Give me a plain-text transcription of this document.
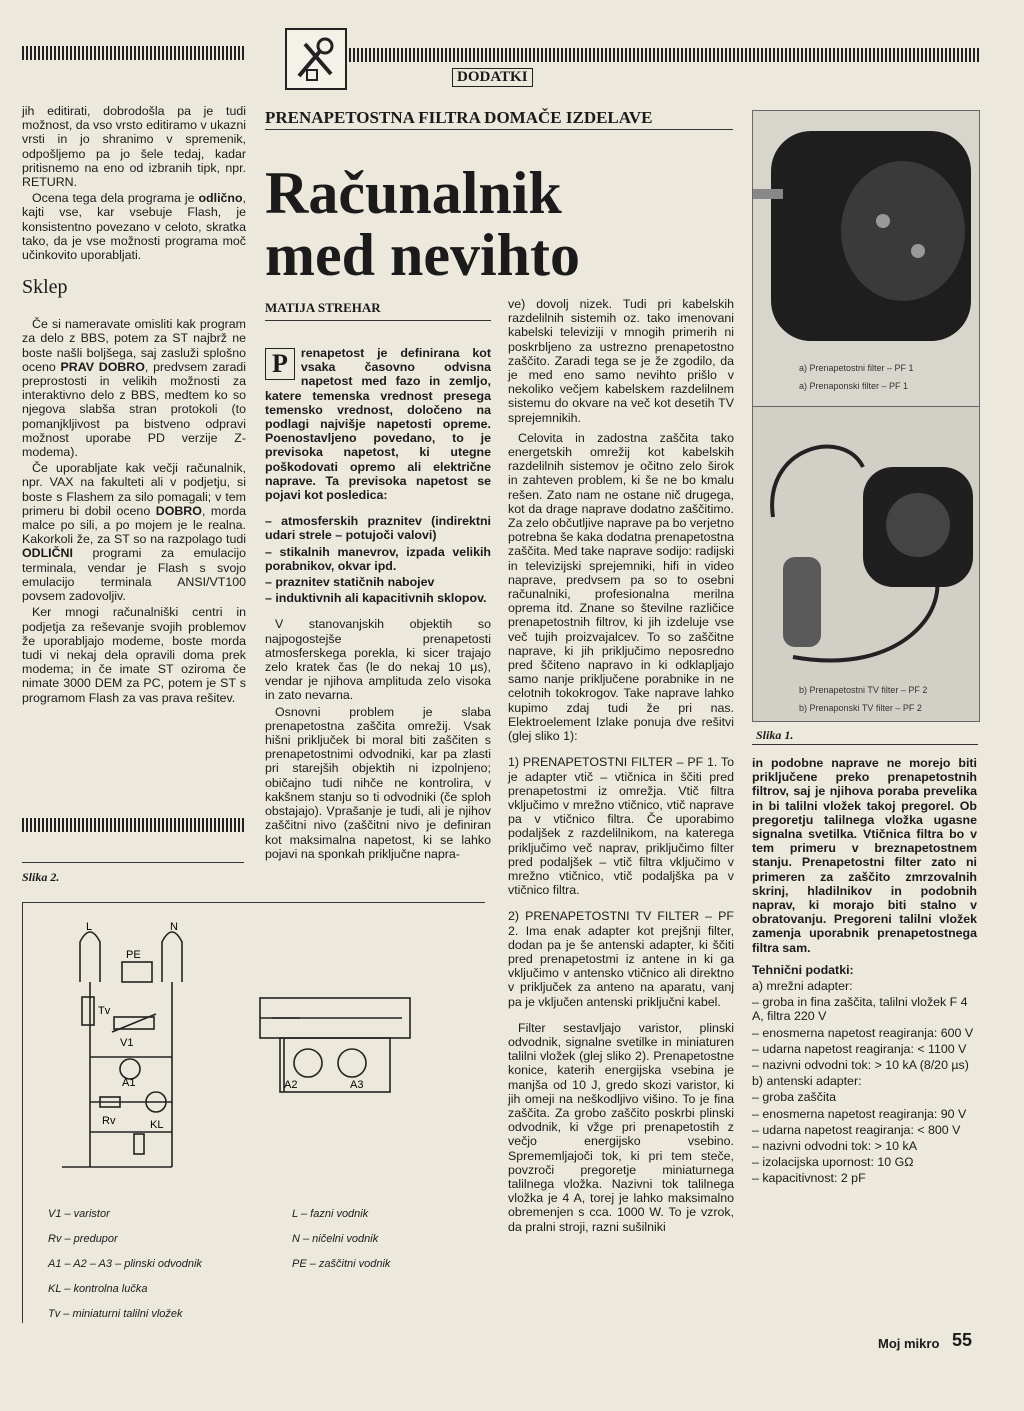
DODATKI
PRENAPETOSTNA FILTRA DOMAČE IZDELAVE
Računalnik
med nevihto
MATIJA STREHAR

jih editirati, dobrodošla pa je tudi možnost, da vso vrsto editiramo v ukazni vrsti in jo shranimo v spremenik, odpošljemo pa jo šele tedaj, kadar pritisnemo na eno od izbranih tipk, npr. RETURN.

Ocena tega dela programa je odlično, kajti vse, kar vsebuje Flash, je konsistentno povezano v celoto, skratka tako, da je vse možnosti programa moč učinkovito uporabljati.

Sklep

Če si nameravate omisliti kak program za delo z BBS, potem za ST najbrž ne boste našli boljšega, saj zasluži splošno oceno PRAV DOBRO, predvsem zaradi preprostosti in velikih možnosti za interaktivno delo z BBS, medtem ko so njegova slabša stran protokoli (to pomanjkljivost pa bistveno odpravi možnost uporabe PD verzije Z- modema).

Če uporabljate kak večji računalnik, npr. VAX na fakulteti ali v podjetju, si boste s Flashem za silo pomagali; v tem primeru bi dobil oceno DOBRO, morda malce po sili, a po mojem je le realna. Kakorkoli že, za ST so na razpolago tudi ODLIČNI programi za emulacijo terminala, vendar je Flash s svojo emulacijo terminala ANSI/VT100 povsem zadovoljiv.

Ker mnogi računalniški centri in podjetja za reševanje svojih problemov že uporabljajo modeme, boste morda tudi vi nekaj dela opravili doma prek modema; in če imate ST oziroma če nimate 3000 DEM za PC, potem je ST s programom Flash za vas prava rešitev.

P	renapetost je definirana kot vsaka časovno odvisna napetost med fazo in zemljo, katere temenska vrednost presega temensko vrednost, določeno na podlagi najvišje napetosti opreme. Poenostavljeno povedano, to je previsoka napetost, ki utegne poškodovati opremo ali električne naprave. Ta previsoka napetost se pojavi kot posledica:

– atmosferskih praznitev (indirektni udari strele – potujoči valovi)

– stikalnih manevrov, izpada velikih porabnikov, okvar ipd.

– praznitev statičnih nabojev

– induktivnih ali kapacitivnih sklopov.

V stanovanjskih objektih so najpogostejše prenapetosti atmosferskega porekla, ki sicer trajajo zelo kratek čas (le do nekaj 10 µs), vendar je njihova amplituda zelo visoka in zato nevarna.

Osnovni problem je slaba prenapetostna zaščita omrežij. Vsak hišni priključek bi moral biti zaščiten s prenapetostnimi odvodniki, kar pa zlasti pri starejših objektih ni izpolnjeno; običajno tudi nihče ne kontrolira, v kakšnem stanju so ti odvodniki (če sploh obstajajo). Vprašanje je tudi, ali je njihov zaščitni nivo (zaščitni nivo je definiran kot maksimalna napetost, ki se lahko pojavi na sponkah priključne napra-

ve) dovolj nizek. Tudi pri kabelskih razdelilnih sistemih oz. tako imenovani kabelski televiziji v mnogih primerih ni poskrbljeno za ustrezno prenapetostno zaščito. Zaradi tega se je že zgodilo, da je med eno samo nevihto prišlo v nekoliko večjem kabelskem razdelilnem sistemu do okvare na več kot desetih TV sprejemnikih.

Celovita in zadostna zaščita tako energetskih omrežij kot kabelskih razdelilnih sistemov je očitno zelo širok in zahteven problem, ki še ne bo kmalu rešen. Zato nam ne ostane nič drugega, kot da drage naprave dodatno zaščitimo. Za zelo občutljive naprave pa bo verjetno potrebna še kaka dodatna prenapetostna zaščita. Med take naprave sodijo: radijski in televizijski sprejemniki, hifi in video naprave, predvsem pa so to osebni računalniki, profesionalna merilna oprema itd. Znane so številne različice prenapetostnih filtrov, ki jih izdeluje vse več tujih proizvajalcev. To so zaščitne naprave, ki jih priključimo neposredno pred ščiteno napravo in ki odklapljajo samo nanje priključene porabnike in ne celotnih tokokrogov. Take naprave lahko kupimo zdaj tudi že pri nas. Elektroelement Izlake ponuja dve rešitvi (glej sliko 1):

1) PRENAPETOSTNI FILTER – PF 1. To je adapter vtič – vtičnica in ščiti pred prenapetostmi iz omrežja. Vtič filtra vključimo v mrežno vtičnico, vtič naprave pa v vtičnico filtra. Če uporabimo podaljšek z razdelilnikom, na katerega priključimo več naprav, priključimo filter pred podaljšek – vtič filtra vključimo v mrežno vtičnico, vtič podaljška pa v vtičnico filtra.

2) PRENAPETOSTNI TV FILTER – PF 2. Ima enak adapter kot prejšnji filter, dodan pa je še antenski adapter, ki ščiti pred prenapetostmi iz antene in ki ga vključimo v antensko vtičnico ali direktno v priključek za anteno na aparatu, vanj pa je vključen antenski priključni kabel.

Filter sestavljajo varistor, plinski odvodnik, signalne svetilke in miniaturen talilni vložek (glej sliko 2). Prenapetostne konice, katerih energijska vsebina je manjša od 10 J, gredo skozi varistor, ki jih omeji na neškodljivo višino. To je fina zaščita. Za grobo zaščito poskrbi plinski odvodnik, ki vžge pri prenapetostih z večjo energijsko vsebino. Sprememljajoči tok, ki pri tem steče, povzroči pregoretje miniaturnega talilnega vložka. Nazivni tok talilnega vložka je 4 A, torej je lahko maksimalno obremenjen s cca. 1000 W. To je vzrok, da pralni stroji, razni sušilniki

a) Prenapetostni filter – PF 1
a) Prenaponski filter – PF 1
b) Prenapetostni TV filter – PF 2
b) Prenaponski TV filter – PF 2
Slika 1.

in podobne naprave ne morejo biti priključene preko prenapetostnih filtrov, saj je njihova poraba prevelika in bi talilni vložek takoj pregorel. Ob pregoretju talilnega vložka ugasne signalna svetilka. Vtičnica filtra bo v tem primeru v breznapetostnem stanju. Prenapetostni filter zato ni primeren za zaščito zmrzovalnih skrinj, hladilnikov in podobnih naprav, ki morajo biti stalno v obratovanju. Pregoreni talilni vložek zamenja uporabnik prenapetostnega filtra sam.

Tehnični podatki:

a) mrežni adapter:

– groba in fina zaščita, talilni vložek F 4 A, filtra 220 V

– enosmerna napetost reagiranja: 600 V

– udarna napetost reagiranja: < 1100 V

– nazivni odvodni tok: > 10 kA (8/20 µs)

b) antenski adapter:

– groba zaščita

– enosmerna napetost reagiranja: 90 V

– udarna napetost reagiranja: < 800 V

– nazivni odvodni tok: > 10 kA

– izolacijska upornost: 10 GΩ

– kapacitivnost: 2 pF

Slika 2.
L	N
PE
Tv
V1
A1
Rv	KL
A2	A3
V1 – varistor
Rv – predupor
A1 – A2 – A3 – plinski odvodnik
KL – kontrolna lučka
Tv – miniaturni talilni vložek
L – fazni vodnik
N – ničelni vodnik
PE – zaščitni vodnik
Moj mikro 55
